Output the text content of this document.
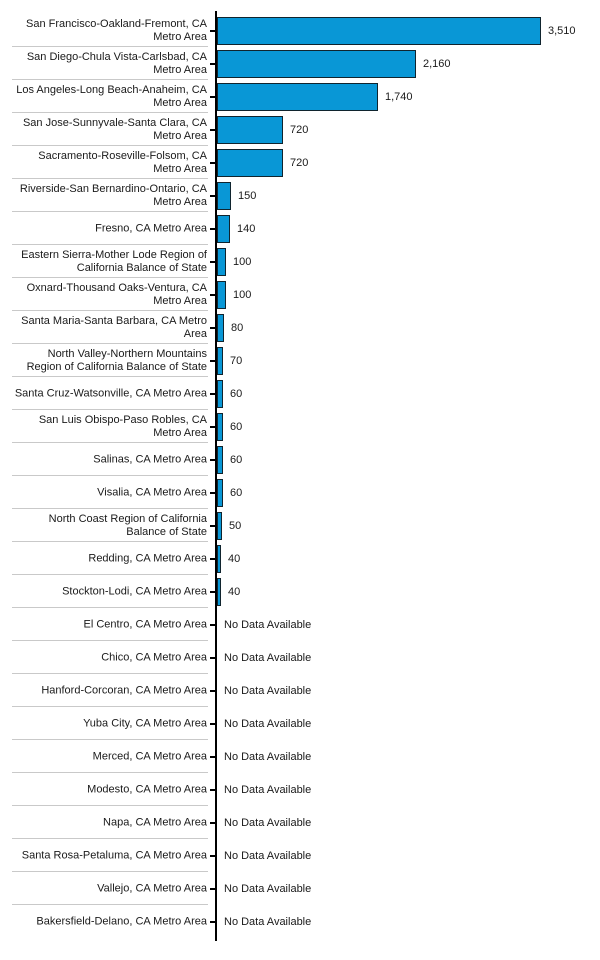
San Francisco-Oakland-Fremont, CA
Metro Area	3,510
San Diego-Chula Vista-Carlsbad, CA
Metro Area	2,160
Los Angeles-Long Beach-Anaheim, CA
Metro Area	1,740
San Jose-Sunnyvale-Santa Clara, CA
Metro Area	720
Sacramento-Roseville-Folsom, CA
Metro Area	720
Riverside-San Bernardino-Ontario, CA
Metro Area	150
Fresno, CA Metro Area	140
Eastern Sierra-Mother Lode Region of
California Balance of State 100
Oxnard-Thousand Oaks-Ventura, CA
Metro Area 100
Santa Maria-Santa Barbara, CA Metro
Area 80
North Valley-Northern Mountains
Region of California Balance of State 70
Santa Cruz-Watsonville, CA Metro Area 60
San Luis Obispo-Paso Robles, CA
Metro Area 60
Salinas, CA Metro Area 60
Visalia, CA Metro Area 60
North Coast Region of California
Balance of State 50
Redding, CA Metro Area 40
Stockton-Lodi, CA Metro Area 40
El Centro, CA Metro Area No Data Available
Chico, CA Metro Area No Data Available
Hanford-Corcoran, CA Metro Area No Data Available
Yuba City, CA Metro Area No Data Available
Merced, CA Metro Area No Data Available
Modesto, CA Metro Area No Data Available
Napa, CA Metro Area No Data Available
Santa Rosa-Petaluma, CA Metro Area No Data Available
Vallejo, CA Metro Area No Data Available
Bakersfield-Delano, CA Metro Area No Data Available
